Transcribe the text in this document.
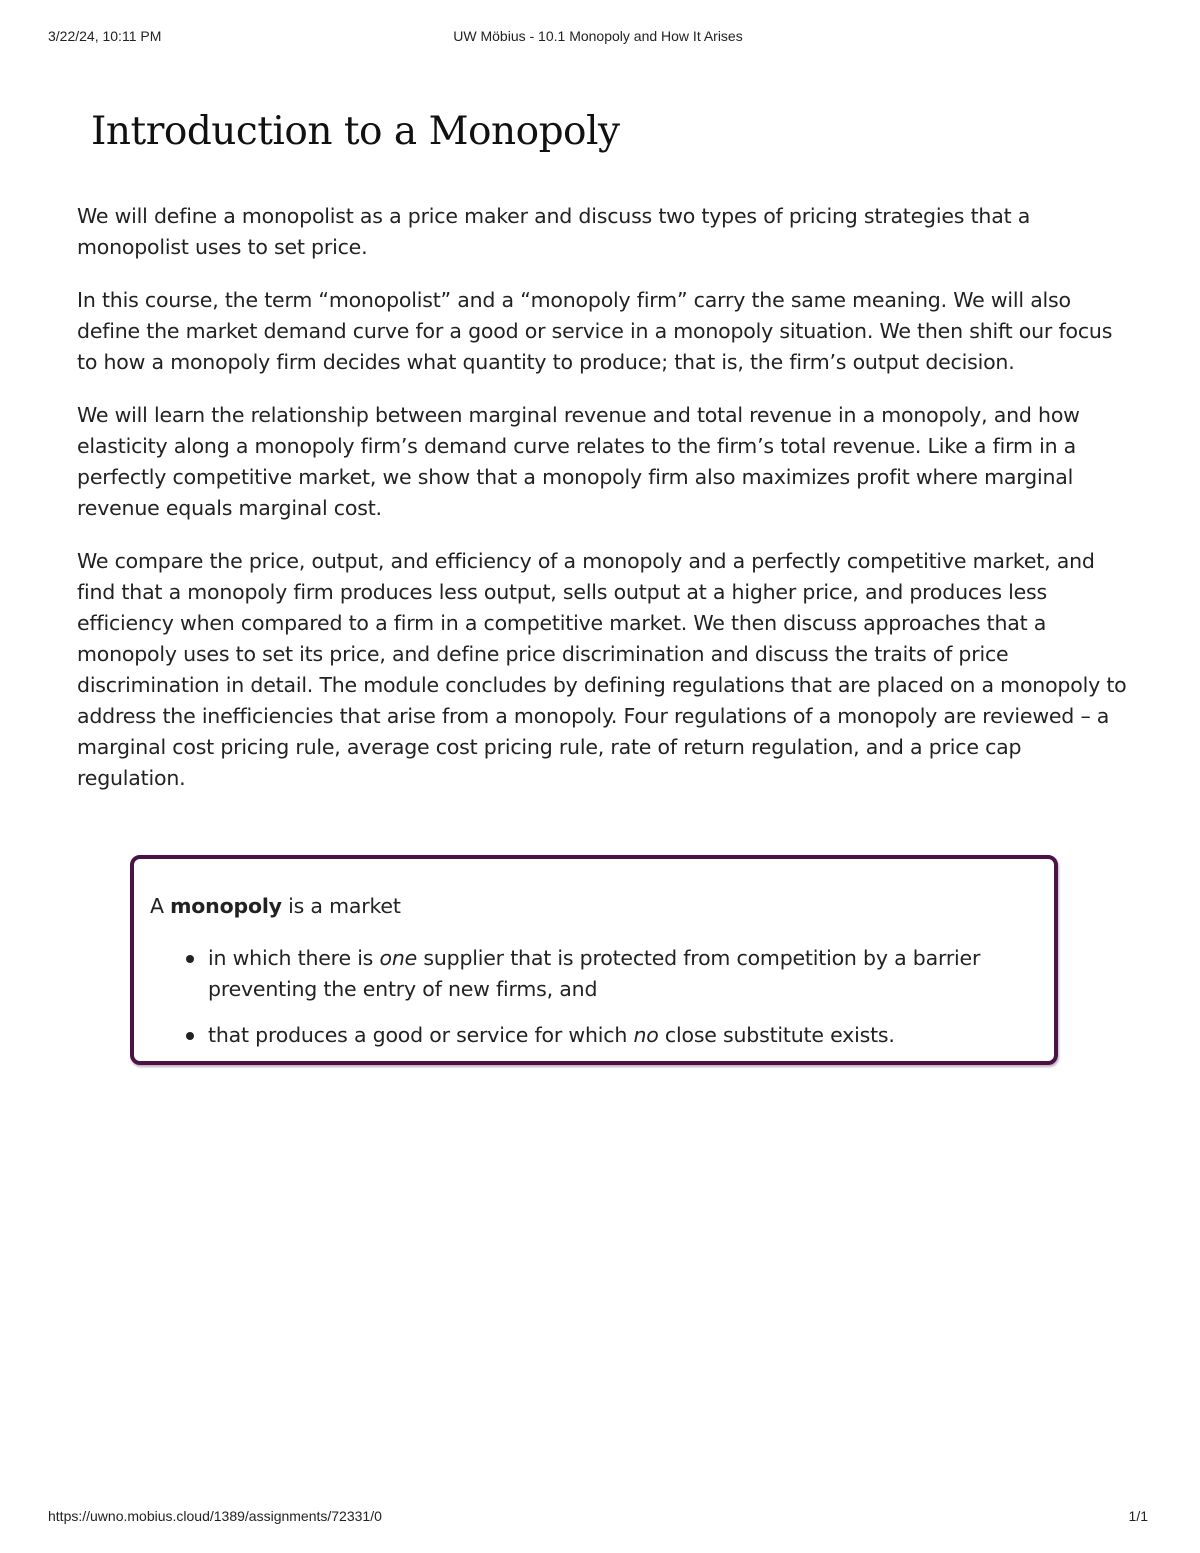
3/22/24, 10:11 PM	UW Möbius - 10.1 Monopoly and How It Arises
Introduction to a Monopoly

We will define a monopolist as a price maker and discuss two types of pricing strategies that a monopolist uses to set price.

In this course, the term “monopolist” and a “monopoly firm” carry the same meaning. We will also define the market demand curve for a good or service in a monopoly situation. We then shift our focus to how a monopoly firm decides what quantity to produce; that is, the firm’s output decision.

We will learn the relationship between marginal revenue and total revenue in a monopoly, and how elasticity along a monopoly firm’s demand curve relates to the firm’s total revenue. Like a firm in a perfectly competitive market, we show that a monopoly firm also maximizes profit where marginal revenue equals marginal cost.

We compare the price, output, and efficiency of a monopoly and a perfectly competitive market, and find that a monopoly firm produces less output, sells output at a higher price, and produces less efficiency when compared to a firm in a competitive market. We then discuss approaches that a monopoly uses to set its price, and define price discrimination and discuss the traits of price discrimination in detail. The module concludes by defining regulations that are placed on a monopoly to address the inefficiencies that arise from a monopoly. Four regulations of a monopoly are reviewed – a marginal cost pricing rule, average cost pricing rule, rate of return regulation, and a price cap regulation.

A monopoly is a market

in which there is one supplier that is protected from competition by a barrier preventing the entry of new firms, and
that produces a good or service for which no close substitute exists.
https://uwno.mobius.cloud/1389/assignments/72331/0	1/1
